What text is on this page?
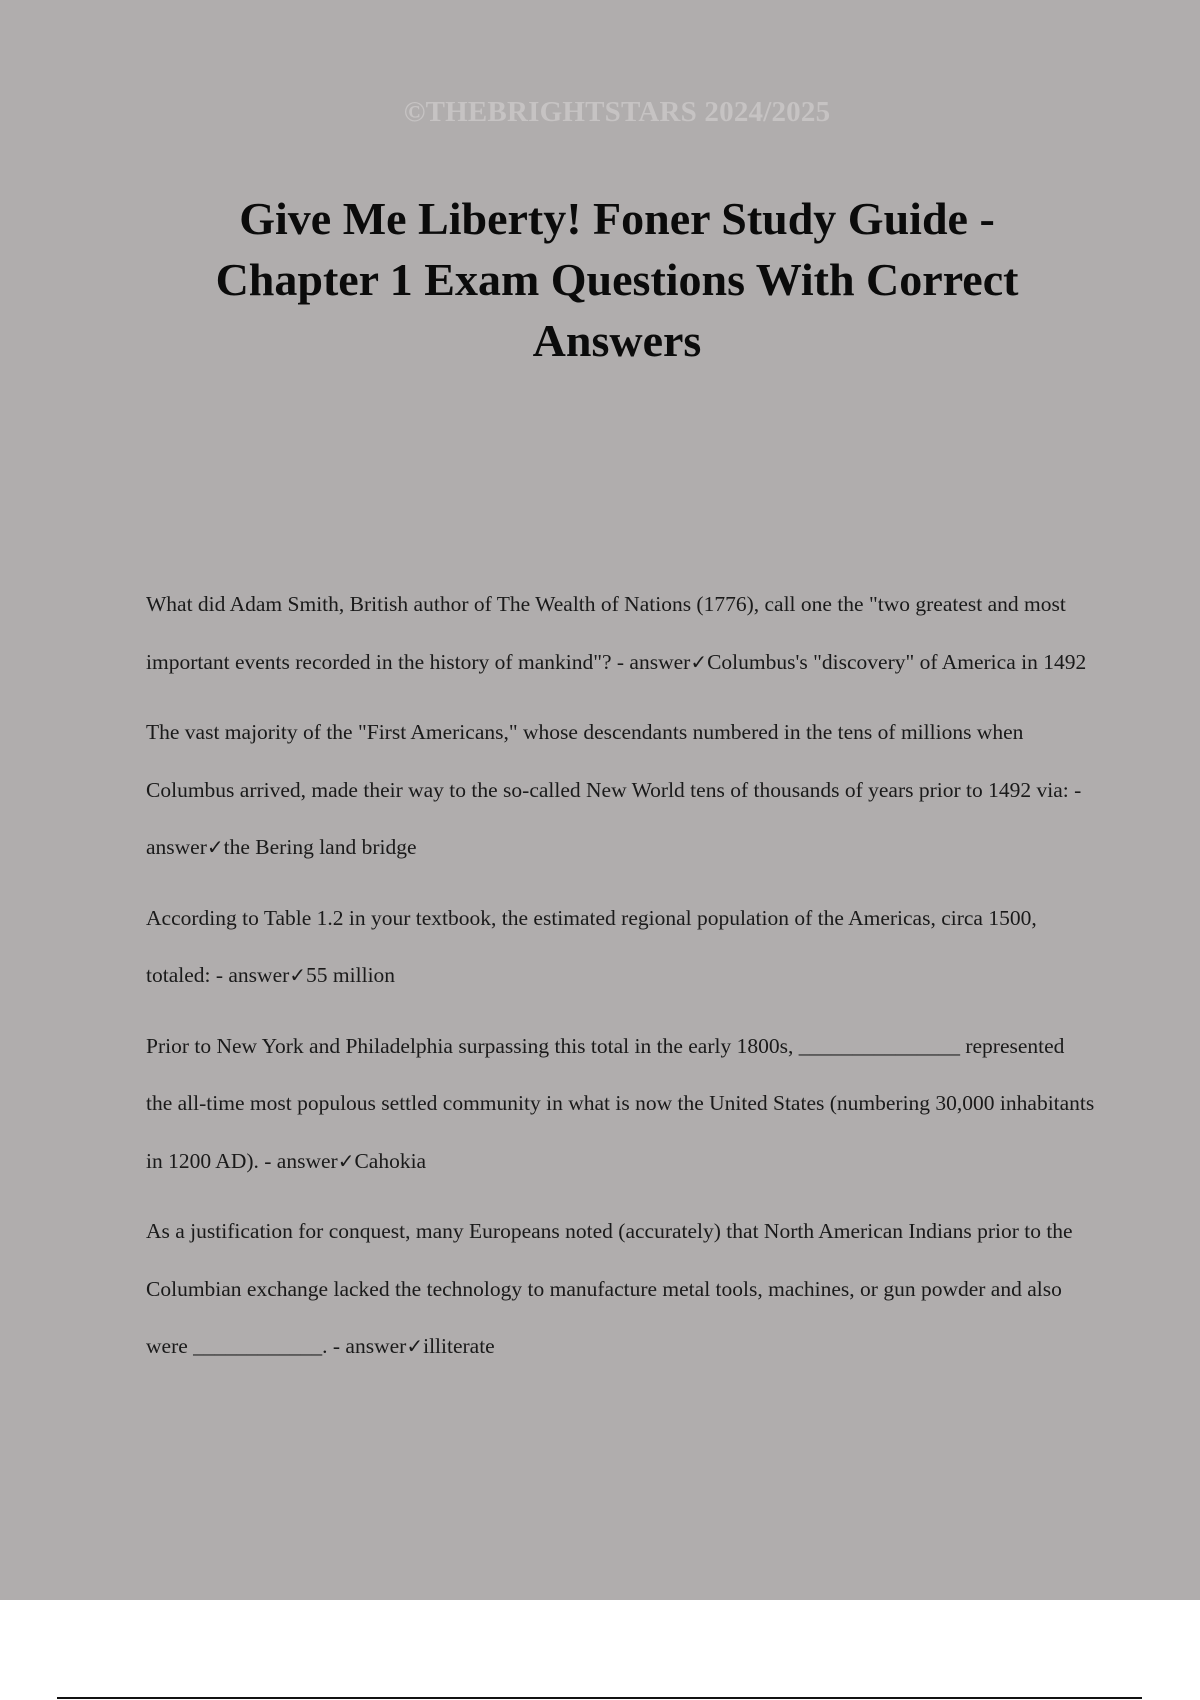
©THEBRIGHTSTARS 2024/2025
Give Me Liberty! Foner Study Guide - Chapter 1 Exam Questions With Correct Answers

What did Adam Smith, British author of The Wealth of Nations (1776), call one the "two greatest and most important events recorded in the history of mankind"? - answer✓Columbus's "discovery" of America in 1492

The vast majority of the "First Americans," whose descendants numbered in the tens of millions when Columbus arrived, made their way to the so-called New World tens of thousands of years prior to 1492 via: - answer✓the Bering land bridge

According to Table 1.2 in your textbook, the estimated regional population of the Americas, circa 1500, totaled: - answer✓55 million

Prior to New York and Philadelphia surpassing this total in the early 1800s, _______________ represented the all-time most populous settled community in what is now the United States (numbering 30,000 inhabitants in 1200 AD). - answer✓Cahokia

As a justification for conquest, many Europeans noted (accurately) that North American Indians prior to the Columbian exchange lacked the technology to manufacture metal tools, machines, or gun powder and also were ____________. - answer✓illiterate
